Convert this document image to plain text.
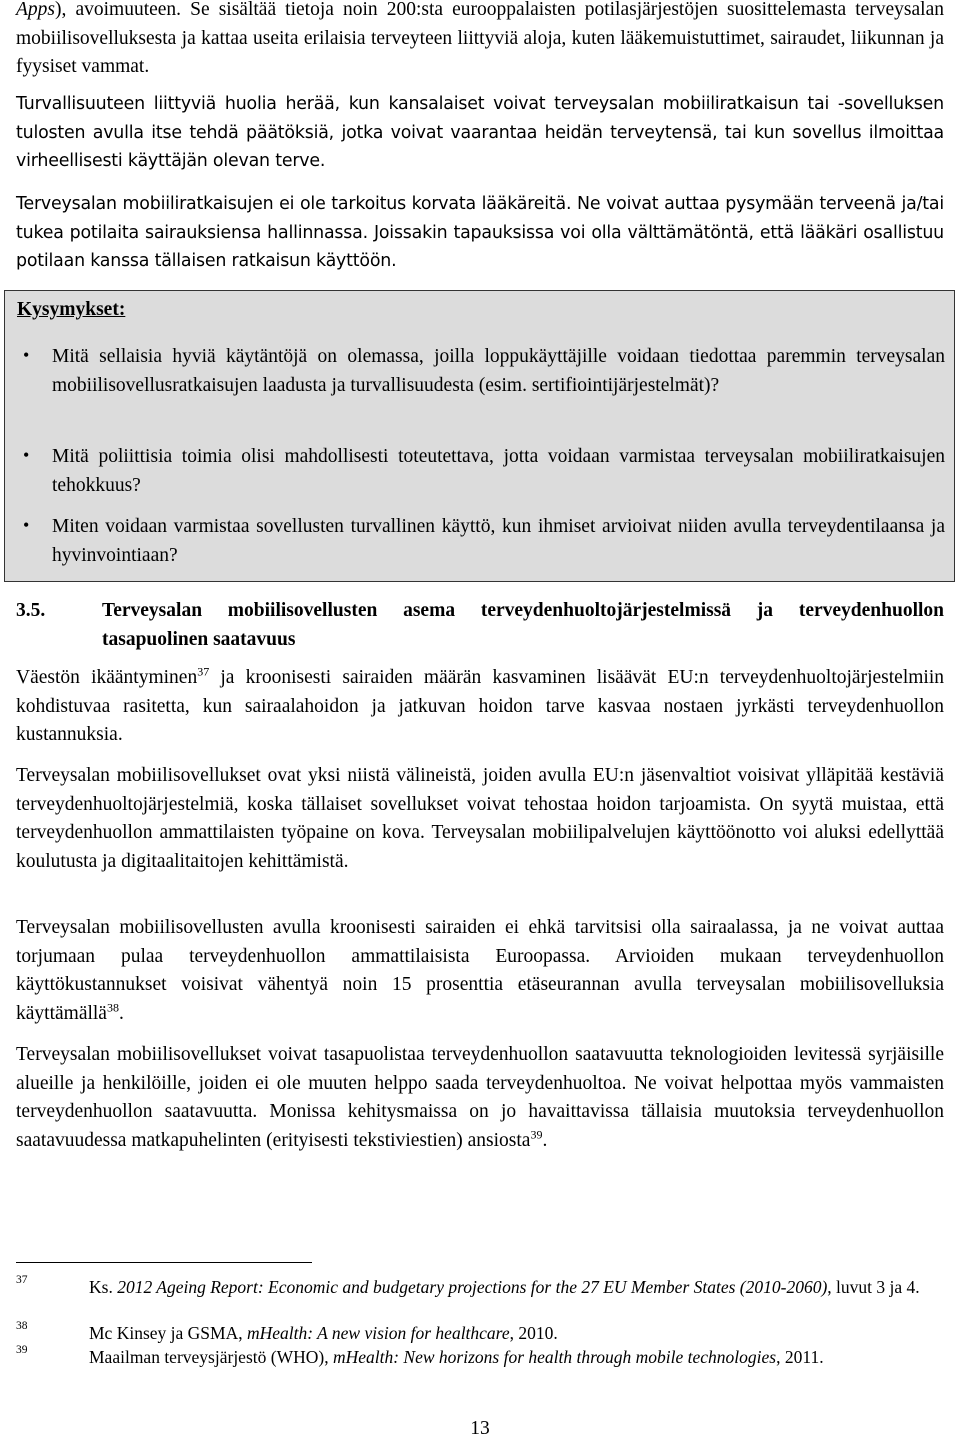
Apps), avoimuuteen. Se sisältää tietoja noin 200:sta eurooppalaisten potilasjärjestöjen suosittelemasta terveysalan mobiilisovelluksesta ja kattaa useita erilaisia terveyteen liittyviä aloja, kuten lääkemuistuttimet, sairaudet, liikunnan ja fyysiset vammat.

Turvallisuuteen liittyviä huolia herää, kun kansalaiset voivat terveysalan mobiiliratkaisun tai -sovelluksen tulosten avulla itse tehdä päätöksiä, jotka voivat vaarantaa heidän terveytensä, tai kun sovellus ilmoittaa virheellisesti käyttäjän olevan terve.

Terveysalan mobiiliratkaisujen ei ole tarkoitus korvata lääkäreitä. Ne voivat auttaa pysymään terveenä ja/tai tukea potilaita sairauksiensa hallinnassa. Joissakin tapauksissa voi olla välttämätöntä, että lääkäri osallistuu potilaan kanssa tällaisen ratkaisun käyttöön.

Kysymykset:
• Mitä sellaisia hyviä käytäntöjä on olemassa, joilla loppukäyttäjille voidaan tiedottaa paremmin terveysalan mobiilisovellusratkaisujen laadusta ja turvallisuudesta (esim. sertifiointijärjestelmät)?

• Mitä poliittisia toimia olisi mahdollisesti toteutettava, jotta voidaan varmistaa terveysalan mobiiliratkaisujen tehokkuus?

• Miten voidaan varmistaa sovellusten turvallinen käyttö, kun ihmiset arvioivat niiden avulla terveydentilaansa ja hyvinvointiaan?

3.5.	Terveysalan mobiilisovellusten asema terveydenhuoltojärjestelmissä ja terveydenhuollon tasapuolinen saatavuus

Väestön ikääntyminen$^{37}$ ja kroonisesti sairaiden määrän kasvaminen lisäävät EU:n terveydenhuoltojärjestelmiin kohdistuvaa rasitetta, kun sairaalahoidon ja jatkuvan hoidon tarve kasvaa nostaen jyrkästi terveydenhuollon kustannuksia.

Terveysalan mobiilisovellukset ovat yksi niistä välineistä, joiden avulla EU:n jäsenvaltiot voisivat ylläpitää kestäviä terveydenhuoltojärjestelmiä, koska tällaiset sovellukset voivat tehostaa hoidon tarjoamista. On syytä muistaa, että terveydenhuollon ammattilaisten työpaine on kova. Terveysalan mobiilipalvelujen käyttöönotto voi aluksi edellyttää koulutusta ja digitaalitaitojen kehittämistä.

Terveysalan mobiilisovellusten avulla kroonisesti sairaiden ei ehkä tarvitsisi olla sairaalassa, ja ne voivat auttaa torjumaan pulaa terveydenhuollon ammattilaisista Euroopassa. Arvioiden mukaan terveydenhuollon käyttökustannukset voisivat vähentyä noin 15 prosenttia etäseurannan avulla terveysalan mobiilisovelluksia käyttämällä$^{38}$.

Terveysalan mobiilisovellukset voivat tasapuolistaa terveydenhuollon saatavuutta teknologioiden levitessä syrjäisille alueille ja henkilöille, joiden ei ole muuten helppo saada terveydenhuoltoa. Ne voivat helpottaa myös vammaisten terveydenhuollon saatavuutta. Monissa kehitysmaissa on jo havaittavissa tällaisia muutoksia terveydenhuollon saatavuudessa matkapuhelinten (erityisesti tekstiviestien) ansiosta$^{39}$.

37	Ks. 2012 Ageing Report: Economic and budgetary projections for the 27 EU Member States (2010-2060), luvut 3 ja 4.

38	Mc Kinsey ja GSMA, mHealth: A new vision for healthcare, 2010.

39	Maailman terveysjärjestö (WHO), mHealth: New horizons for health through mobile technologies, 2011.

13
